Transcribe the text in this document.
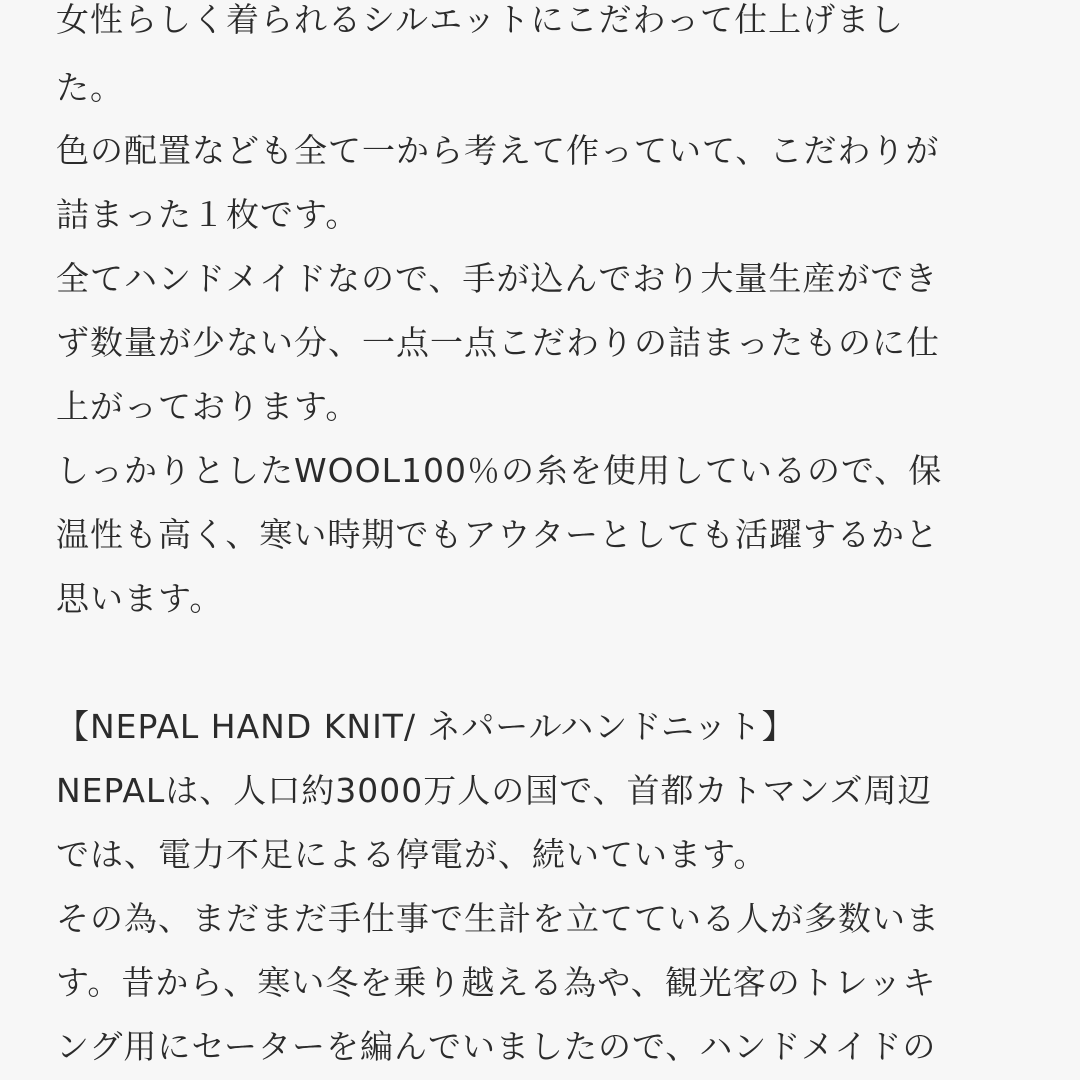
女性らしく着られるシルエットにこだわって仕上げまし

た。

色の配置なども全て一から考えて作っていて、こだわりが

詰まった１枚です。

全てハンドメイドなので、手が込んでおり大量生産ができ

ず数量が少ない分、一点一点こだわりの詰まったものに仕

上がっております。

しっかりとしたWOOL100％の糸を使用しているので、保

温性も高く、寒い時期でもアウターとしても活躍するかと

思います。

【NEPAL HAND KNIT/ ネパールハンドニット】

NEPALは、人口約3000万人の国で、首都カトマンズ周辺

では、電力不足による停電が、続いています。

その為、まだまだ手仕事で生計を立てている人が多数いま

す。昔から、寒い冬を乗り越える為や、観光客のトレッキ

ング用にセーターを編んでいましたので、ハンドメイドの
